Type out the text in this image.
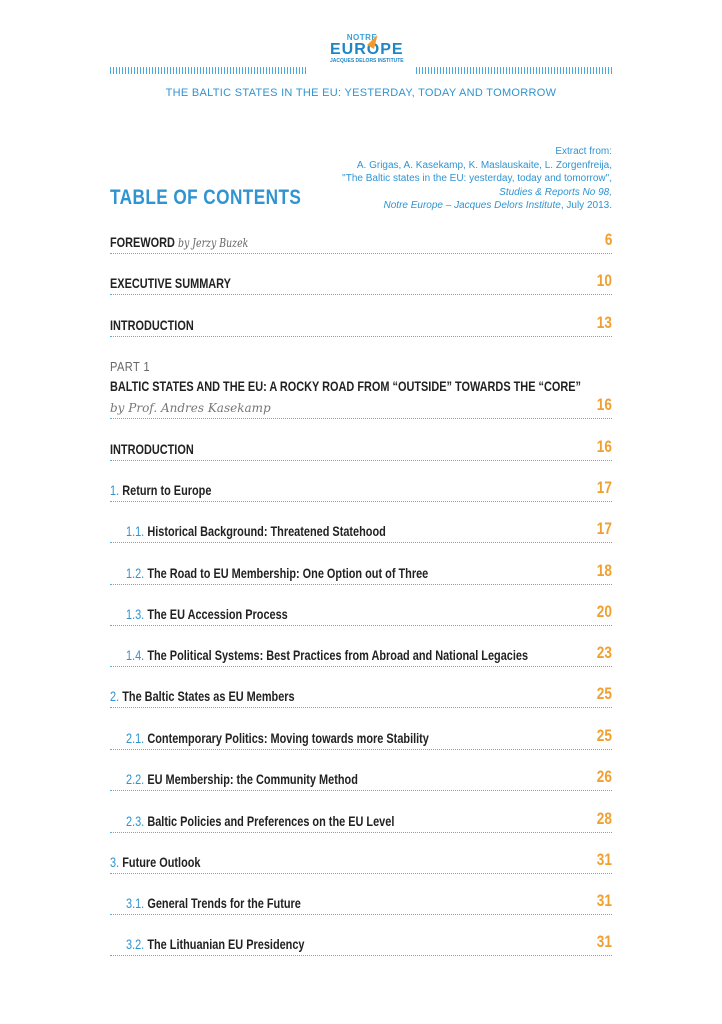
NOTRE
EUROPE
JACQUES DELORS INSTITUTE
THE BALTIC STATES IN THE EU: YESTERDAY, TODAY AND TOMORROW
Extract from:
A. Grigas, A. Kasekamp, K. Maslauskaite, L. Zorgenfreija,
"The Baltic states in the EU: yesterday, today and tomorrow",
Studies & Reports No 98,
Notre Europe – Jacques Delors Institute, July 2013.
TABLE OF CONTENTS
FOREWORD by Jerzy Buzek	6
EXECUTIVE SUMMARY	10
INTRODUCTION	13
PART 1
BALTIC STATES AND THE EU: A ROCKY ROAD FROM “OUTSIDE” TOWARDS THE “CORE”
by Prof. Andres Kasekamp	16
INTRODUCTION	16
1. Return to Europe	17
1.1. Historical Background: Threatened Statehood	17
1.2. The Road to EU Membership: One Option out of Three	18
1.3. The EU Accession Process	20
1.4. The Political Systems: Best Practices from Abroad and National Legacies	23
2. The Baltic States as EU Members	25
2.1. Contemporary Politics: Moving towards more Stability	25
2.2. EU Membership: the Community Method	26
2.3. Baltic Policies and Preferences on the EU Level	28
3. Future Outlook	31
3.1. General Trends for the Future	31
3.2. The Lithuanian EU Presidency	31
